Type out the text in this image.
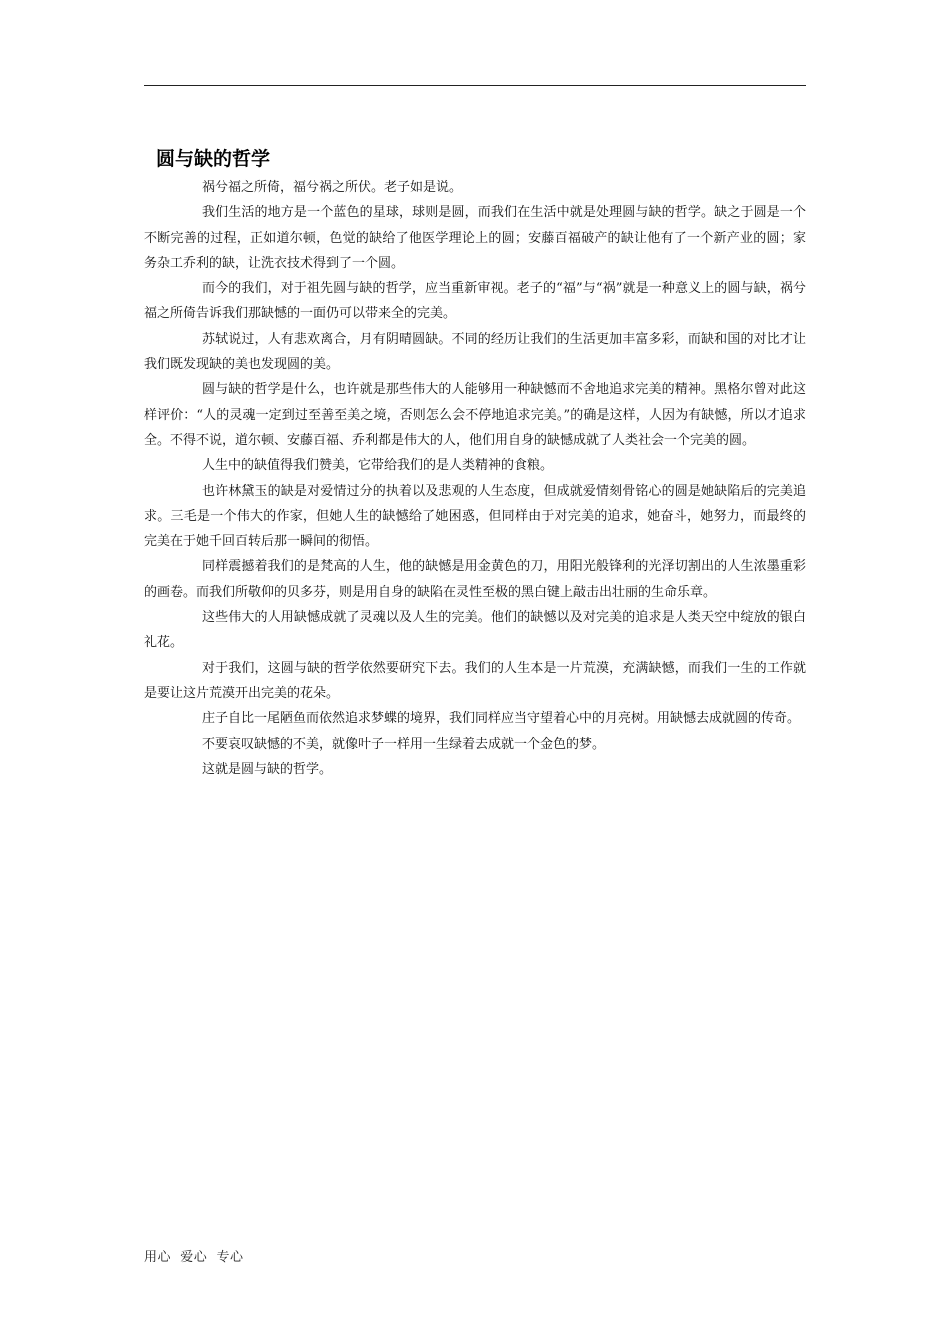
圆与缺的哲学

祸兮福之所倚，福兮祸之所伏。老子如是说。

我们生活的地方是一个蓝色的星球，球则是圆，而我们在生活中就是处理圆与缺的哲学。缺之于圆是一个不断完善的过程，正如道尔顿，色觉的缺给了他医学理论上的圆；安藤百福破产的缺让他有了一个新产业的圆；家务杂工乔利的缺，让洗衣技术得到了一个圆。

而今的我们，对于祖先圆与缺的哲学，应当重新审视。老子的“福”与“祸”就是一种意义上的圆与缺，祸兮福之所倚告诉我们那缺憾的一面仍可以带来全的完美。

苏轼说过，人有悲欢离合，月有阴晴圆缺。不同的经历让我们的生活更加丰富多彩，而缺和国的对比才让我们既发现缺的美也发现圆的美。

圆与缺的哲学是什么，也许就是那些伟大的人能够用一种缺憾而不舍地追求完美的精神。黑格尔曾对此这样评价：“人的灵魂一定到过至善至美之境，否则怎么会不停地追求完美。”的确是这样，人因为有缺憾，所以才追求全。不得不说，道尔顿、安藤百福、乔利都是伟大的人，他们用自身的缺憾成就了人类社会一个完美的圆。

人生中的缺值得我们赞美，它带给我们的是人类精神的食粮。

也许林黛玉的缺是对爱情过分的执着以及悲观的人生态度，但成就爱情刻骨铭心的圆是她缺陷后的完美追求。三毛是一个伟大的作家，但她人生的缺憾给了她困惑，但同样由于对完美的追求，她奋斗，她努力，而最终的完美在于她千回百转后那一瞬间的彻悟。

同样震撼着我们的是梵高的人生，他的缺憾是用金黄色的刀，用阳光般锋利的光泽切割出的人生浓墨重彩的画卷。而我们所敬仰的贝多芬，则是用自身的缺陷在灵性至极的黑白键上敲击出壮丽的生命乐章。

这些伟大的人用缺憾成就了灵魂以及人生的完美。他们的缺憾以及对完美的追求是人类天空中绽放的银白礼花。

对于我们，这圆与缺的哲学依然要研究下去。我们的人生本是一片荒漠，充满缺憾，而我们一生的工作就是要让这片荒漠开出完美的花朵。

庄子自比一尾陋鱼而依然追求梦蝶的境界，我们同样应当守望着心中的月亮树。用缺憾去成就圆的传奇。

不要哀叹缺憾的不美，就像叶子一样用一生绿着去成就一个金色的梦。

这就是圆与缺的哲学。

用心  爱心  专心
